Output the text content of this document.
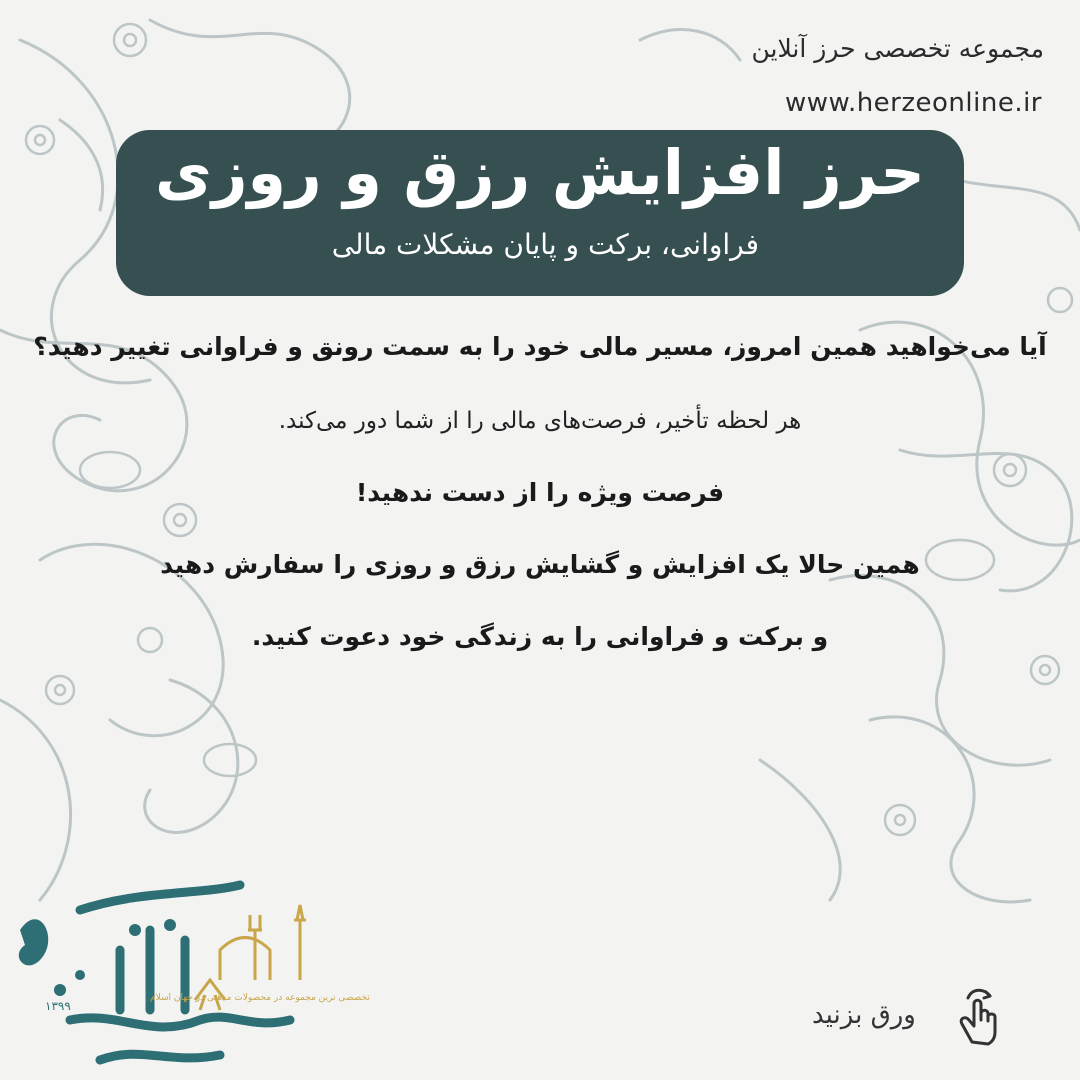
مجموعه تخصصی حرز آنلاین
www.herzeonline.ir
حرز افزایش رزق و روزی
فراوانی، برکت و پایان مشکلات مالی
آیا می‌خواهید همین امروز، مسیر مالی خود را به سمت رونق و فراوانی تغییر دهید؟
هر لحظه تأخیر، فرصت‌های مالی را از شما دور می‌کند.
فرصت ویژه را از دست ندهید!
همین حالا یک افزایش و گشایش رزق و روزی را سفارش دهید
و برکت و فراوانی را به زندگی خود دعوت کنید.
تخصصی ترین مجموعه در محصولات مذهبی در جهان اسلام
۱۳۹۹	ورق بزنید
